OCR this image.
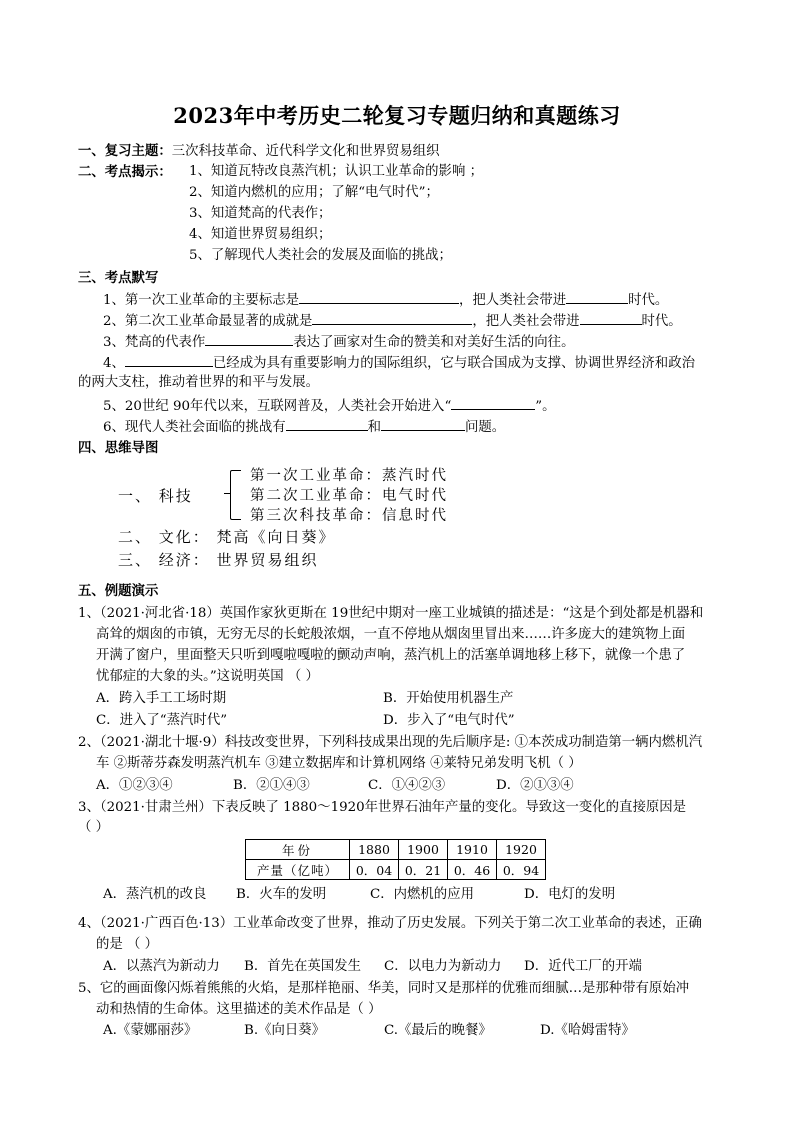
2023年中考历史二轮复习专题归纳和真题练习
一、复习主题：三次科技革命、近代科学文化和世界贸易组织
二、考点揭示： 1、知道瓦特改良蒸汽机；认识工业革命的影响 ；
2、知道内燃机的应用；了解“电气时代”；
3、知道梵高的代表作；
4、知道世界贸易组织；
5、了解现代人类社会的发展及面临的挑战；
三、考点默写
1、第一次工业革命的主要标志是	，把人类社会带进	时代。
2、第二次工业革命最显著的成就是	，把人类社会带进	时代。
3、梵高的代表作	表达了画家对生命的赞美和对美好生活的向往。
4、	已经成为具有重要影响力的国际组织，它与联合国成为支撑、协调世界经济和政治
的两大支柱，推动着世界的和平与发展。
5、20世纪 90年代以来，互联网普及，人类社会开始进入“	”。
6、现代人类社会面临的挑战有	和	问题。
四、思维导图
一、 科技
第一次工业革命：蒸汽时代
第二次工业革命：电气时代
第三次科技革命：信息时代
二、 文化： 梵高《向日葵》
三、 经济： 世界贸易组织
五、例题演示
1、（2021·河北省·18）英国作家狄更斯在 19世纪中期对一座工业城镇的描述是：“这是个到处都是机器和
高耸的烟囱的市镇，无穷无尽的长蛇般浓烟，一直不停地从烟囱里冒出来……许多庞大的建筑物上面
开满了窗户，里面整天只听到嘎啦嘎啦的颤动声响，蒸汽机上的活塞单调地移上移下，就像一个患了
忧郁症的大象的头。”这说明英国 （ ）
A．跨入手工工场时期	B．开始使用机器生产
C．进入了“蒸汽时代”	D．步入了“电气时代”
2、（2021·湖北十堰·9）科技改变世界，下列科技成果出现的先后顺序是: ①本茨成功制造第一辆内燃机汽
车 ②斯蒂芬森发明蒸汽机车 ③建立数据库和计算机网络 ④莱特兄弟发明飞机（ ）
A．①②③④	B．②①④③	C．①④②③	D．②①③④
3、（2021·甘肃兰州）下表反映了 1880～1920年世界石油年产量的变化。导致这一变化的直接原因是
（ ）
年份	1880	1900	1910	1920
产量（亿吨）	0．04	0．21	0．46	0．94
A．蒸汽机的改良 B．火车的发明	C．内燃机的应用	D．电灯的发明
4、（2021·广西百色·13）工业革命改变了世界，推动了历史发展。下列关于第二次工业革命的表述，正确
的是 （ ）
A．以蒸汽为新动力 B．首先在英国发生 C．以电力为新动力 D．近代工厂的开端
5、它的画面像闪烁着熊熊的火焰，是那样艳丽、华美，同时又是那样的优雅而细腻…是那种带有原始冲
动和热情的生命体。这里描述的美术作品是（ ）
A.《蒙娜丽莎》	B.《向日葵》	C.《最后的晚餐》	D.《哈姆雷特》
